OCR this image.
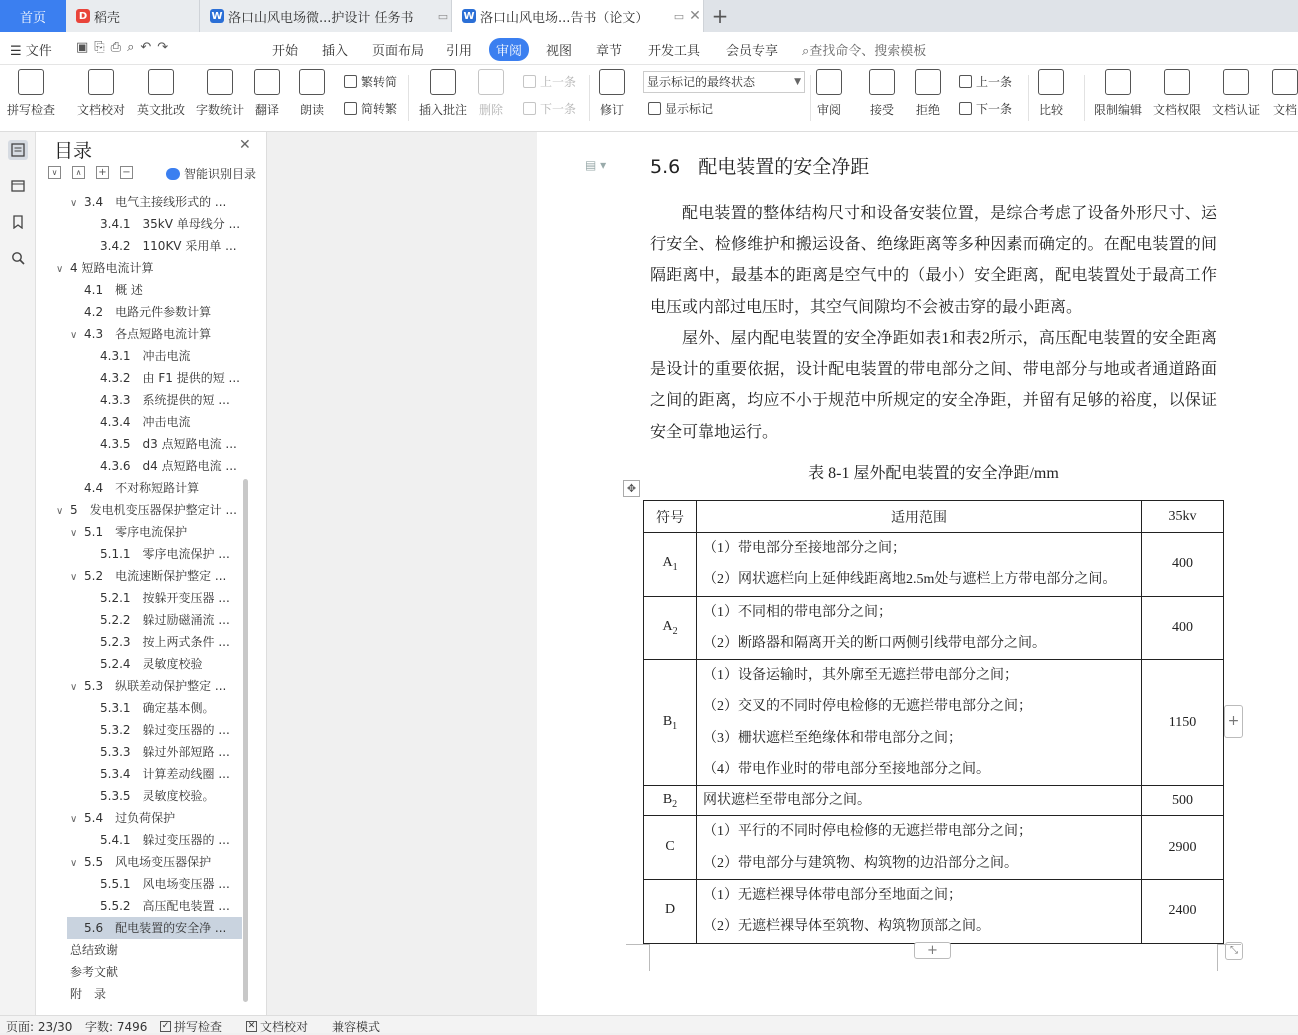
首页	D 稻壳	W 洛口山风电场微...护设计 任务书	▭ W 洛口山风电场...告书（论文）	▭ ✕ +
☰ 文件 ▣⎘⎙⌕↶↷	开始 插入 页面布局 引用	审阅	视图 章节 开发工具 会员专享 ⌕查找命令、搜索模板
拼写检查 文档校对 英文批改 字数统计 翻译 朗读
繁转简
简转繁 插入批注 删除
上一条
下一条 修订
显示标记的最终状态	▼
显示标记	审阅 接受 拒绝
上一条
下一条 比较	限制编辑 文档权限 文档认证 文档
目录	✕
∨	∧	+ −	智能识别目录
∨ 3.4　电气主接线形式的 ...
3.4.1　35kV 单母线分 ...
3.4.2　110KV 采用单 ...
∨ 4 短路电流计算
4.1　概 述
4.2　电路元件参数计算
∨ 4.3　各点短路电流计算
4.3.1　冲击电流
4.3.2　由 F1 提供的短 ...
4.3.3　系统提供的短 ...
4.3.4　冲击电流
4.3.5　d3 点短路电流 ...
4.3.6　d4 点短路电流 ...
4.4　不对称短路计算
∨ 5　发电机变压器保护整定计 ...
∨ 5.1　零序电流保护
5.1.1　零序电流保护 ...
∨ 5.2　电流速断保护整定 ...
5.2.1　按躲开变压器 ...
5.2.2　躲过励磁涌流 ...
5.2.3　按上两式条件 ...
5.2.4　灵敏度校验
∨ 5.3　纵联差动保护整定 ...
5.3.1　确定基本侧。
5.3.2　躲过变压器的 ...
5.3.3　躲过外部短路 ...
5.3.4　计算差动线圈 ...
5.3.5　灵敏度校验。
∨ 5.4　过负荷保护
5.4.1　躲过变压器的 ...
∨ 5.5　风电场变压器保护
5.5.1　风电场变压器 ...
5.5.2　高压配电装置 ...
5.6　配电装置的安全净 ...
总结致谢
参考文献
附　录
▤ ▾ 5.6 配电装置的安全净距
配电装置的整体结构尺寸和设备安装位置，是综合考虑了设备外形尺寸、运行安全、检修维护和搬运设备、绝缘距离等多种因素而确定的。在配电装置的间隔距离中，最基本的距离是空气中的（最小）安全距离，配电装置处于最高工作电压或内部过电压时，其空气间隙均不会被击穿的最小距离。
屋外、屋内配电装置的安全净距如表1和表2所示，高压配电装置的安全距离是设计的重要依据，设计配电装置的带电部分之间、带电部分与地或者通道路面之间的距离，均应不小于规范中所规定的安全净距，并留有足够的裕度，以保证安全可靠地运行。
表 8-1 屋外配电装置的安全净距/mm
✥
符号	适用范围	35kv
$A_1$	（1）带电部分至接地部分之间；
（2）网状遮栏向上延伸线距离地2.5m处与遮栏上方带电部分之间。	400
$A_2$	（1）不同相的带电部分之间；
（2）断路器和隔离开关的断口两侧引线带电部分之间。	400
$B_1$	（1）设备运输时，其外廓至无遮拦带电部分之间；
（2）交叉的不同时停电检修的无遮拦带电部分之间；
（3）栅状遮栏至绝缘体和带电部分之间；
（4）带电作业时的带电部分至接地部分之间。	1150
$B_2$	网状遮栏至带电部分之间。	500
C	（1）平行的不同时停电检修的无遮拦带电部分之间；
（2）带电部分与建筑物、构筑物的边沿部分之间。	2900
D	（1）无遮栏裸导体带电部分至地面之间；
（2）无遮栏裸导体至筑物、构筑物顶部之间。	2400
+
+	⤡
页面: 23/30 字数: 7496 ✓ 拼写检查	✕ 文档校对 兼容模式
